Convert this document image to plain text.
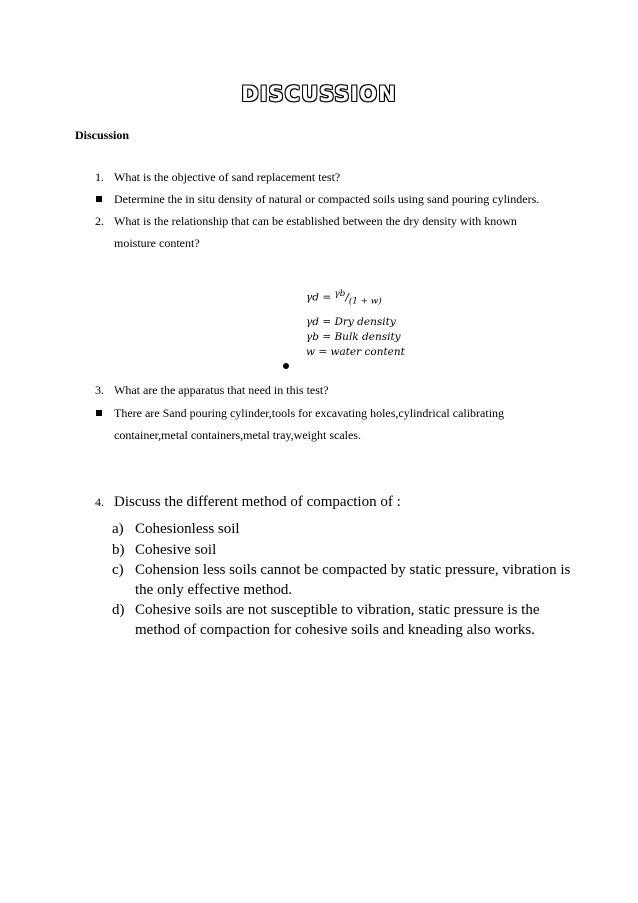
DISCUSSION
Discussion
1. What is the objective of sand replacement test?
Determine the in situ density of natural or compacted soils using sand pouring cylinders.
2. What is the relationship that can be established between the dry density with known moisture content?
$\gamma d = ^{\gamma b}/_{(1 + w)}$
γd = Dry density
γb = Bulk density
w = water content
3. What are the apparatus that need in this test?
There are Sand pouring cylinder,tools for excavating holes,cylindrical calibrating container,metal containers,metal tray,weight scales.
4. Discuss the different method of compaction of :
a) Cohesionless soil
b) Cohesive soil
c) Cohension less soils cannot be compacted by static pressure, vibration is the only effective method.
d) Cohesive soils are not susceptible to vibration, static pressure is the method of compaction for cohesive soils and kneading also works.
